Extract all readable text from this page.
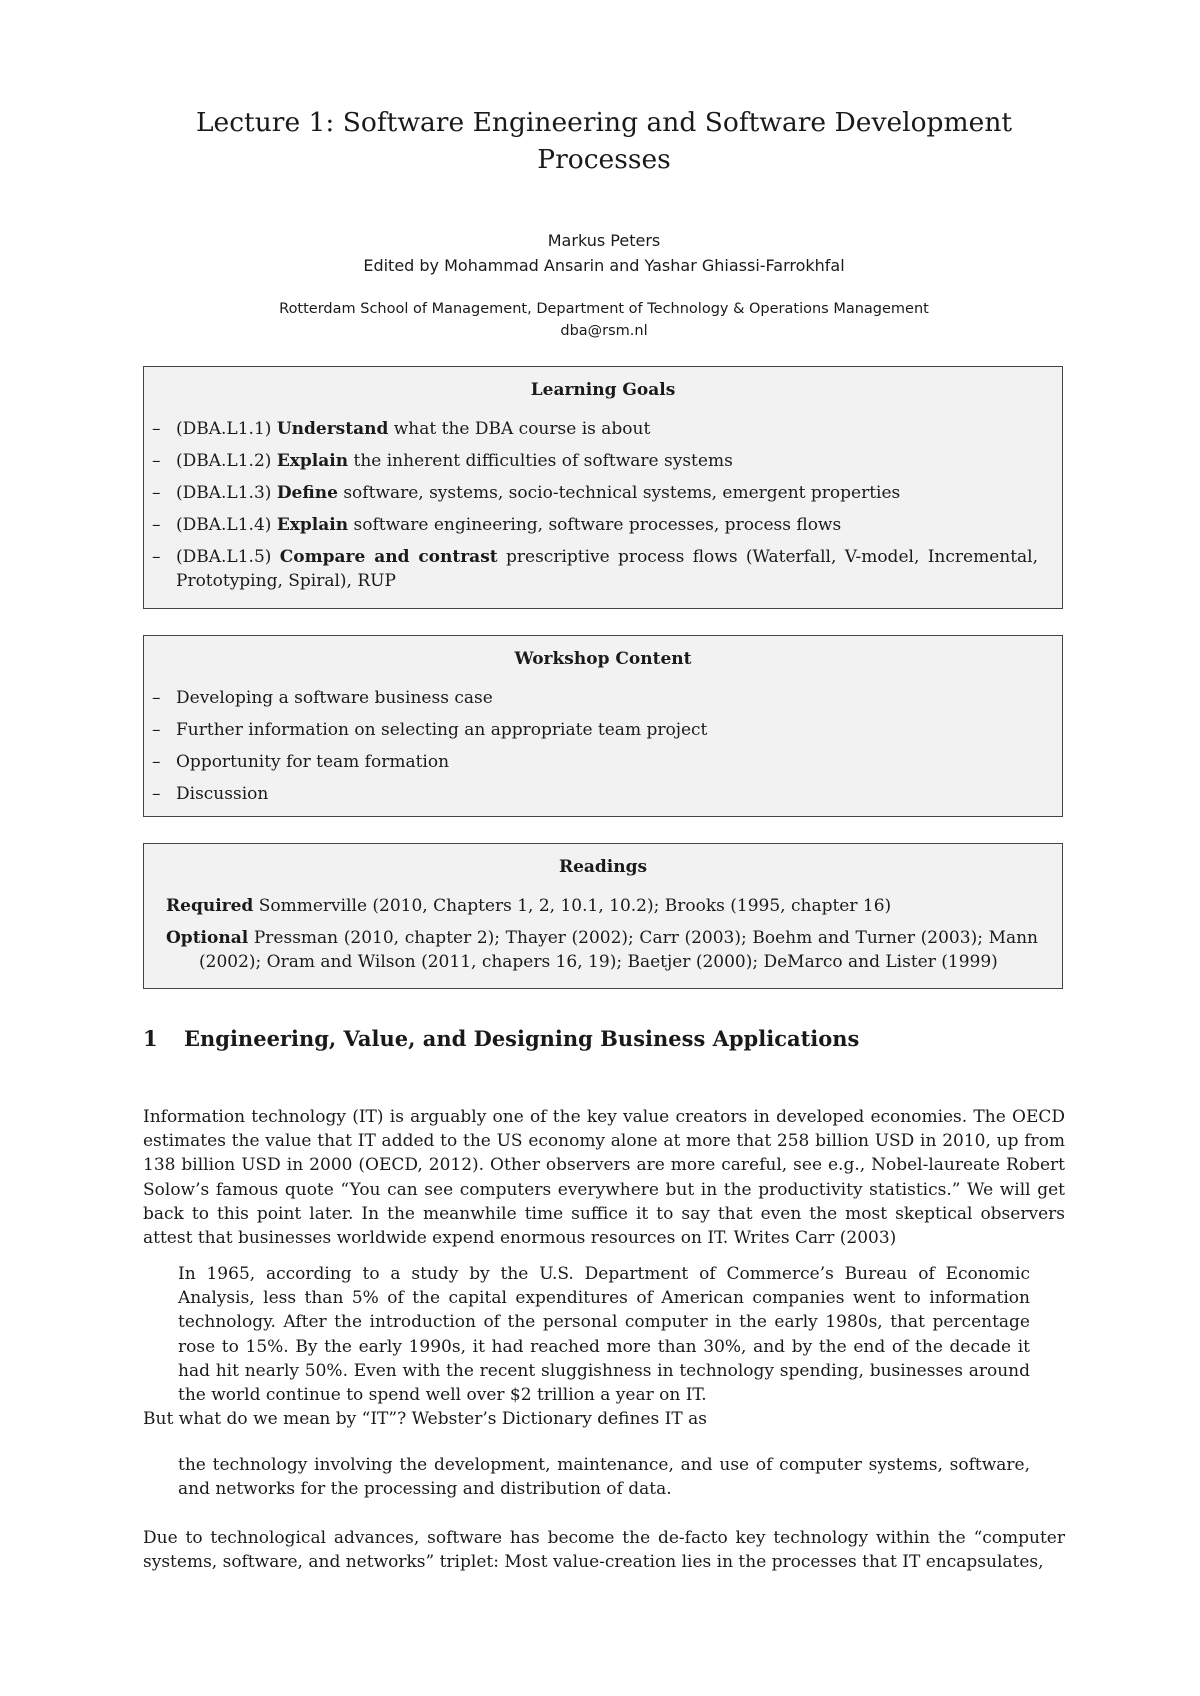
Lecture 1: Software Engineering and Software Development
Processes
Markus Peters
Edited by Mohammad Ansarin and Yashar Ghiassi-Farrokhfal
Rotterdam School of Management, Department of Technology & Operations Management
dba@rsm.nl
Learning Goals
– (DBA.L1.1) Understand what the DBA course is about
– (DBA.L1.2) Explain the inherent difficulties of software systems
– (DBA.L1.3) Define software, systems, socio-technical systems, emergent properties
– (DBA.L1.4) Explain software engineering, software processes, process flows
– (DBA.L1.5) Compare and contrast prescriptive process flows (Waterfall, V-model, Incremental, Prototyping, Spiral), RUP
Workshop Content
– Developing a software business case
– Further information on selecting an appropriate team project
– Opportunity for team formation
– Discussion
Readings

Required Sommerville (2010, Chapters 1, 2, 10.1, 10.2); Brooks (1995, chapter 16)

Optional Pressman (2010, chapter 2); Thayer (2002); Carr (2003); Boehm and Turner (2003); Mann (2002); Oram and Wilson (2011, chapers 16, 19); Baetjer (2000); DeMarco and Lister (1999)

1 Engineering, Value, and Designing Business Applications

Information technology (IT) is arguably one of the key value creators in developed economies. The OECD estimates the value that IT added to the US economy alone at more that 258 billion USD in 2010, up from 138 billion USD in 2000 (OECD, 2012). Other observers are more careful, see e.g., Nobel-laureate Robert Solow’s famous quote “You can see computers everywhere but in the productivity statistics.” We will get back to this point later. In the meanwhile time suffice it to say that even the most skeptical observers attest that businesses worldwide expend enormous resources on IT. Writes Carr (2003)

In 1965, according to a study by the U.S. Department of Commerce’s Bureau of Economic Analysis, less than 5% of the capital expenditures of American companies went to information technology. After the introduction of the personal computer in the early 1980s, that percentage rose to 15%. By the early 1990s, it had reached more than 30%, and by the end of the decade it had hit nearly 50%. Even with the recent sluggishness in technology spending, businesses around the world continue to spend well over $2 trillion a year on IT.

But what do we mean by “IT”? Webster’s Dictionary defines IT as

the technology involving the development, maintenance, and use of computer systems, software, and networks for the processing and distribution of data.

Due to technological advances, software has become the de-facto key technology within the “computer systems, software, and networks” triplet: Most value-creation lies in the processes that IT encapsulates,
